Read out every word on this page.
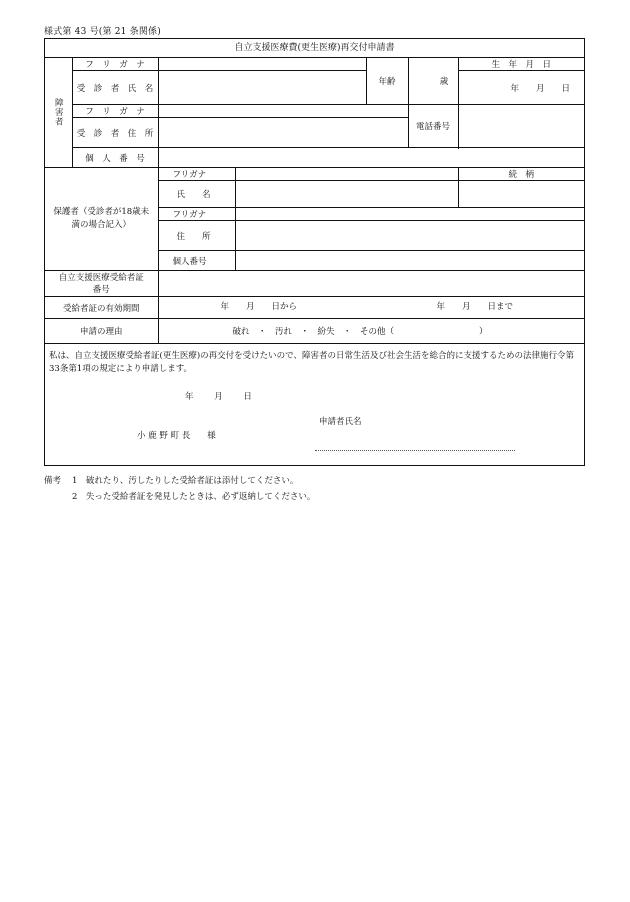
様式第 43 号(第 21 条関係)
自立支援医療費(更生医療)再交付申請書
障害者	フ　リ　ガ　ナ			年齢	歳	生　年　月　日
	受　診　者　氏　名					年　　月　　日

	フ　リ　ガ　ナ				電話番号	
	受　診　者　住　所					

	個　人　番　号					
保護者（受診者が18歳未満の場合記入）		フリガナ				続　柄
		氏　　名				
		フリガナ				
		住　　所				
		個人番号				
自立支援医療受給者証番号						
受給者証の有効期間		年　　月　　日から 年　　月　　日まで				

申請の理由		破れ　・　汚れ　・　紛失　・　その他（　　　　　　　　　　）				
私は、自立支援医療受給者証(更生医療)の再交付を受けたいので、障害者の日常生活及び社会生活を総合的に支援するための法律施行令第33条第1項の規定により申請します。
年 月 日
申請者氏名
小 鹿 野 町 長　　様
備考 1　破れたり、汚したりした受給者証は添付してください。
2　失った受給者証を発見したときは、必ず返納してください。
